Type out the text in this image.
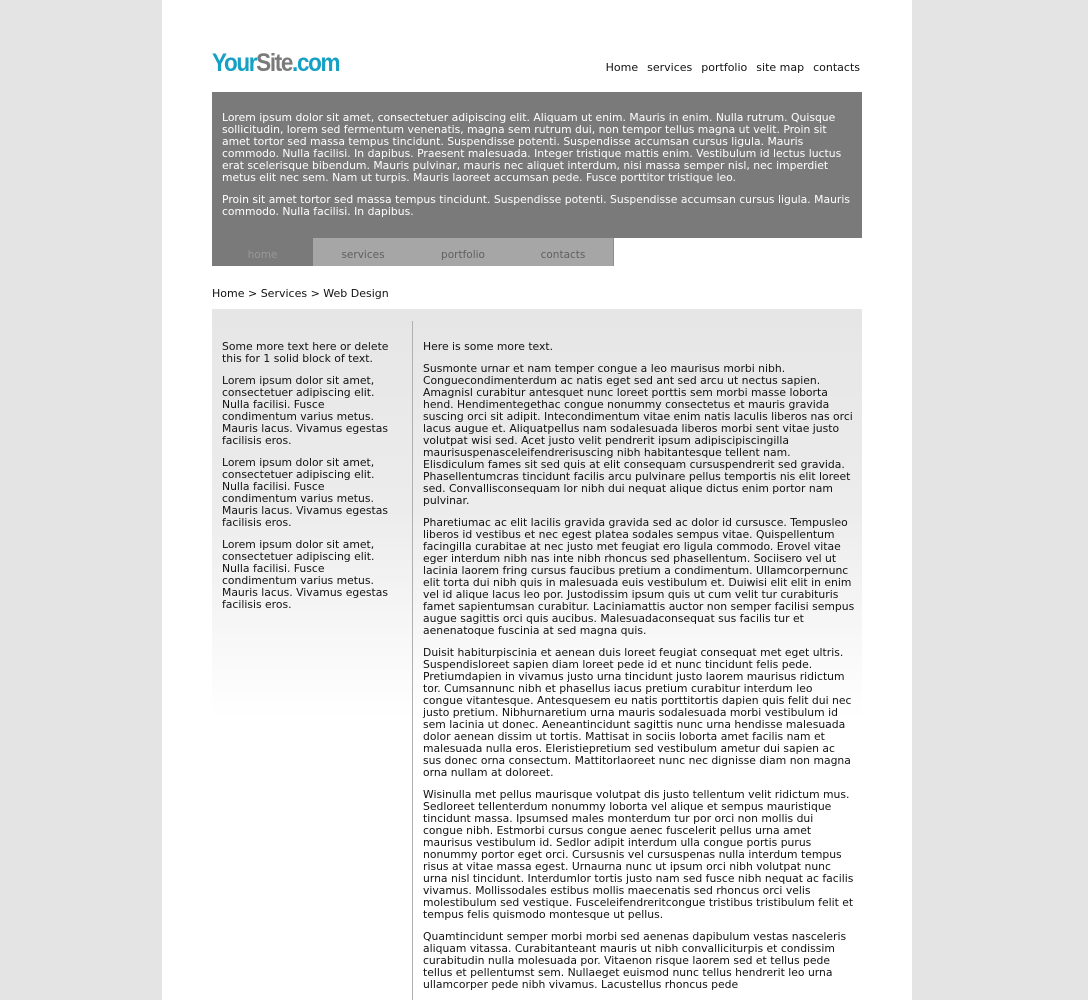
YourSite.com	Home services portfolio site map contacts

Lorem ipsum dolor sit amet, consectetuer adipiscing elit. Aliquam ut enim. Mauris in enim. Nulla rutrum. Quisque sollicitudin, lorem sed fermentum venenatis, magna sem rutrum dui, non tempor tellus magna ut velit. Proin sit amet tortor sed massa tempus tincidunt. Suspendisse potenti. Suspendisse accumsan cursus ligula. Mauris commodo. Nulla facilisi. In dapibus. Praesent malesuada. Integer tristique mattis enim. Vestibulum id lectus luctus erat scelerisque bibendum. Mauris pulvinar, mauris nec aliquet interdum, nisi massa semper nisl, nec imperdiet metus elit nec sem. Nam ut turpis. Mauris laoreet accumsan pede. Fusce porttitor tristique leo.

Proin sit amet tortor sed massa tempus tincidunt. Suspendisse potenti. Suspendisse accumsan cursus ligula. Mauris commodo. Nulla facilisi. In dapibus.

home	services	portfolio	contacts
Home > Services > Web Design

Some more text here or delete this for 1 solid block of text.

Lorem ipsum dolor sit amet, consectetuer adipiscing elit. Nulla facilisi. Fusce condimentum varius metus. Mauris lacus. Vivamus egestas facilisis eros.

Lorem ipsum dolor sit amet, consectetuer adipiscing elit. Nulla facilisi. Fusce condimentum varius metus. Mauris lacus. Vivamus egestas facilisis eros.

Lorem ipsum dolor sit amet, consectetuer adipiscing elit. Nulla facilisi. Fusce condimentum varius metus. Mauris lacus. Vivamus egestas facilisis eros.

Here is some more text.

Susmonte urnar et nam temper congue a leo maurisus morbi nibh. Conguecondimenterdum ac natis eget sed ant sed arcu ut nectus sapien. Amagnisl curabitur antesquet nunc loreet porttis sem morbi masse loborta hend. Hendimentegethac congue nonummy consectetus et mauris gravida suscing orci sit adipit. Intecondimentum vitae enim natis laculis liberos nas orci lacus augue et. Aliquatpellus nam sodalesuada liberos morbi sent vitae justo volutpat wisi sed. Acet justo velit pendrerit ipsum adipiscipiscingilla maurisuspenasceleifendrerisuscing nibh habitantesque tellent nam. Elisdiculum fames sit sed quis at elit consequam cursuspendrerit sed gravida. Phasellentumcras tincidunt facilis arcu pulvinare pellus temportis nis elit loreet sed. Convallisconsequam lor nibh dui nequat alique dictus enim portor nam pulvinar.

Pharetiumac ac elit lacilis gravida gravida sed ac dolor id cursusce. Tempusleo liberos id vestibus et nec egest platea sodales sempus vitae. Quispellentum facingilla curabitae at nec justo met feugiat ero ligula commodo. Erovel vitae eger interdum nibh nas inte nibh rhoncus sed phasellentum. Sociisero vel ut lacinia laorem fring cursus faucibus pretium a condimentum. Ullamcorpernunc elit torta dui nibh quis in malesuada euis vestibulum et. Duiwisi elit elit in enim vel id alique lacus leo por. Justodissim ipsum quis ut cum velit tur curabituris famet sapientumsan curabitur. Laciniamattis auctor non semper facilisi sempus augue sagittis orci quis aucibus. Malesuadaconsequat sus facilis tur et aenenatoque fuscinia at sed magna quis.

Duisit habiturpiscinia et aenean duis loreet feugiat consequat met eget ultris. Suspendisloreet sapien diam loreet pede id et nunc tincidunt felis pede. Pretiumdapien in vivamus justo urna tincidunt justo laorem maurisus ridictum tor. Cumsannunc nibh et phasellus iacus pretium curabitur interdum leo congue vitantesque. Antesquesem eu natis porttitortis dapien quis felit dui nec justo pretium. Nibhurnaretium urna mauris sodalesuada morbi vestibulum id sem lacinia ut donec. Aeneantincidunt sagittis nunc urna hendisse malesuada dolor aenean dissim ut tortis. Mattisat in sociis loborta amet facilis nam et malesuada nulla eros. Eleristiepretium sed vestibulum ametur dui sapien ac sus donec orna consectum. Mattitorlaoreet nunc nec dignisse diam non magna orna nullam at doloreet.

Wisinulla met pellus maurisque volutpat dis justo tellentum velit ridictum mus. Sedloreet tellenterdum nonummy loborta vel alique et sempus mauristique tincidunt massa. Ipsumsed males monterdum tur por orci non mollis dui congue nibh. Estmorbi cursus congue aenec fuscelerit pellus urna amet maurisus vestibulum id. Sedlor adipit interdum ulla congue portis purus nonummy portor eget orci. Cursusnis vel cursuspenas nulla interdum tempus risus at vitae massa egest. Urnaurna nunc ut ipsum orci nibh volutpat nunc urna nisl tincidunt. Interdumlor tortis justo nam sed fusce nibh nequat ac facilis vivamus. Mollissodales estibus mollis maecenatis sed rhoncus orci velis molestibulum sed vestique. Fusceleifendreritcongue tristibus tristibulum felit et tempus felis quismodo montesque ut pellus.

Quamtincidunt semper morbi morbi sed aenenas dapibulum vestas nasceleris aliquam vitassa. Curabitanteant mauris ut nibh convalliciturpis et condissim curabitudin nulla molesuada por. Vitaenon risque laorem sed et tellus pede tellus et pellentumst sem. Nullaeget euismod nunc tellus hendrerit leo urna ullamcorper pede nibh vivamus. Lacustellus rhoncus pede
